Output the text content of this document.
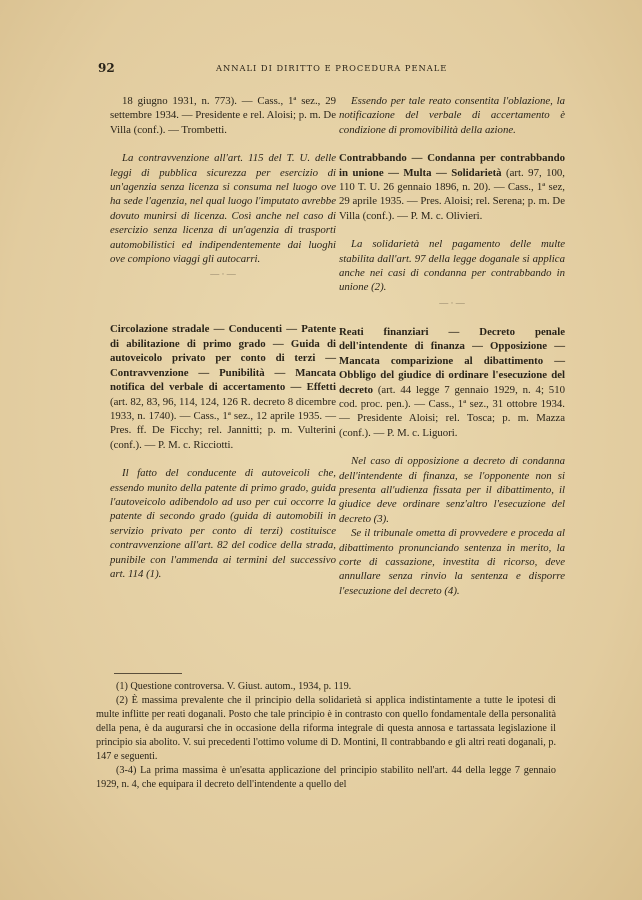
92	ANNALI DI DIRITTO E PROCEDURA PENALE

18 giugno 1931, n. 773). — Cass., 1ª sez., 29 settembre 1934. — Presidente e rel. Aloisi; p. m. De Villa (conf.). — Trombetti.

La contravvenzione all'art. 115 del T. U. delle leggi di pubblica sicurezza per esercizio di un'agenzia senza licenza si consuma nel luogo ove ha sede l'agenzia, nel qual luogo l'imputato avrebbe dovuto munirsi di licenza. Così anche nel caso di esercizio senza licenza di un'agenzia di trasporti automobilistici ed indipendentemente dai luoghi ove compiono viaggi gli autocarri.

— · —

Circolazione stradale — Conducenti — Patente di abilitazione di primo grado — Guida di autoveicolo privato per conto di terzi — Contravvenzione — Punibilità — Mancata notifica del verbale di accertamento — Effetti (art. 82, 83, 96, 114, 124, 126 R. decreto 8 dicembre 1933, n. 1740). — Cass., 1ª sez., 12 aprile 1935. — Pres. ff. De Ficchy; rel. Jannitti; p. m. Vulterini (conf.). — P. M. c. Ricciotti.

Il fatto del conducente di autoveicoli che, essendo munito della patente di primo grado, guida l'autoveicolo adibendolo ad uso per cui occorre la patente di secondo grado (guida di automobili in servizio privato per conto di terzi) costituisce contravvenzione all'art. 82 del codice della strada, punibile con l'ammenda ai termini del successivo art. 114 (1).

Essendo per tale reato consentita l'oblazione, la notificazione del verbale di accertamento è condizione di promovibilità della azione.

Contrabbando — Condanna per contrabbando in unione — Multa — Solidarietà (art. 97, 100, 110 T. U. 26 gennaio 1896, n. 20). — Cass., 1ª sez, 29 aprile 1935. — Pres. Aloisi; rel. Serena; p. m. De Villa (conf.). — P. M. c. Olivieri.

La solidarietà nel pagamento delle multe stabilita dall'art. 97 della legge doganale si applica anche nei casi di condanna per contrabbando in unione (2).

— · —

Reati finanziari — Decreto penale dell'intendente di finanza — Opposizione — Mancata comparizione al dibattimento — Obbligo del giudice di ordinare l'esecuzione del decreto (art. 44 legge 7 gennaio 1929, n. 4; 510 cod. proc. pen.). — Cass., 1ª sez., 31 ottobre 1934. — Presidente Aloisi; rel. Tosca; p. m. Mazza (conf.). — P. M. c. Liguori.

Nel caso di opposizione a decreto di condanna dell'intendente di finanza, se l'opponente non si presenta all'udienza fissata per il dibattimento, il giudice deve ordinare senz'altro l'esecuzione del decreto (3).

Se il tribunale ometta di provvedere e proceda al dibattimento pronunciando sentenza in merito, la corte di cassazione, investita di ricorso, deve annullare senza rinvio la sentenza e disporre l'esecuzione del decreto (4).

(1) Questione controversa. V. Giust. autom., 1934, p. 119.

(2) È massima prevalente che il principio della solidarietà si applica indistintamente a tutte le ipotesi di multe inflitte per reati doganali. Posto che tale principio è in contrasto con quello fondamentale della personalità della pena, è da augurarsi che in occasione della riforma integrale di questa annosa e tartassata legislazione il principio sia abolito. V. sui precedenti l'ottimo volume di D. Montini, Il contrabbando e gli altri reati doganali, p. 147 e seguenti.

(3-4) La prima massima è un'esatta applicazione del principio stabilito nell'art. 44 della legge 7 gennaio 1929, n. 4, che equipara il decreto dell'intendente a quello del
